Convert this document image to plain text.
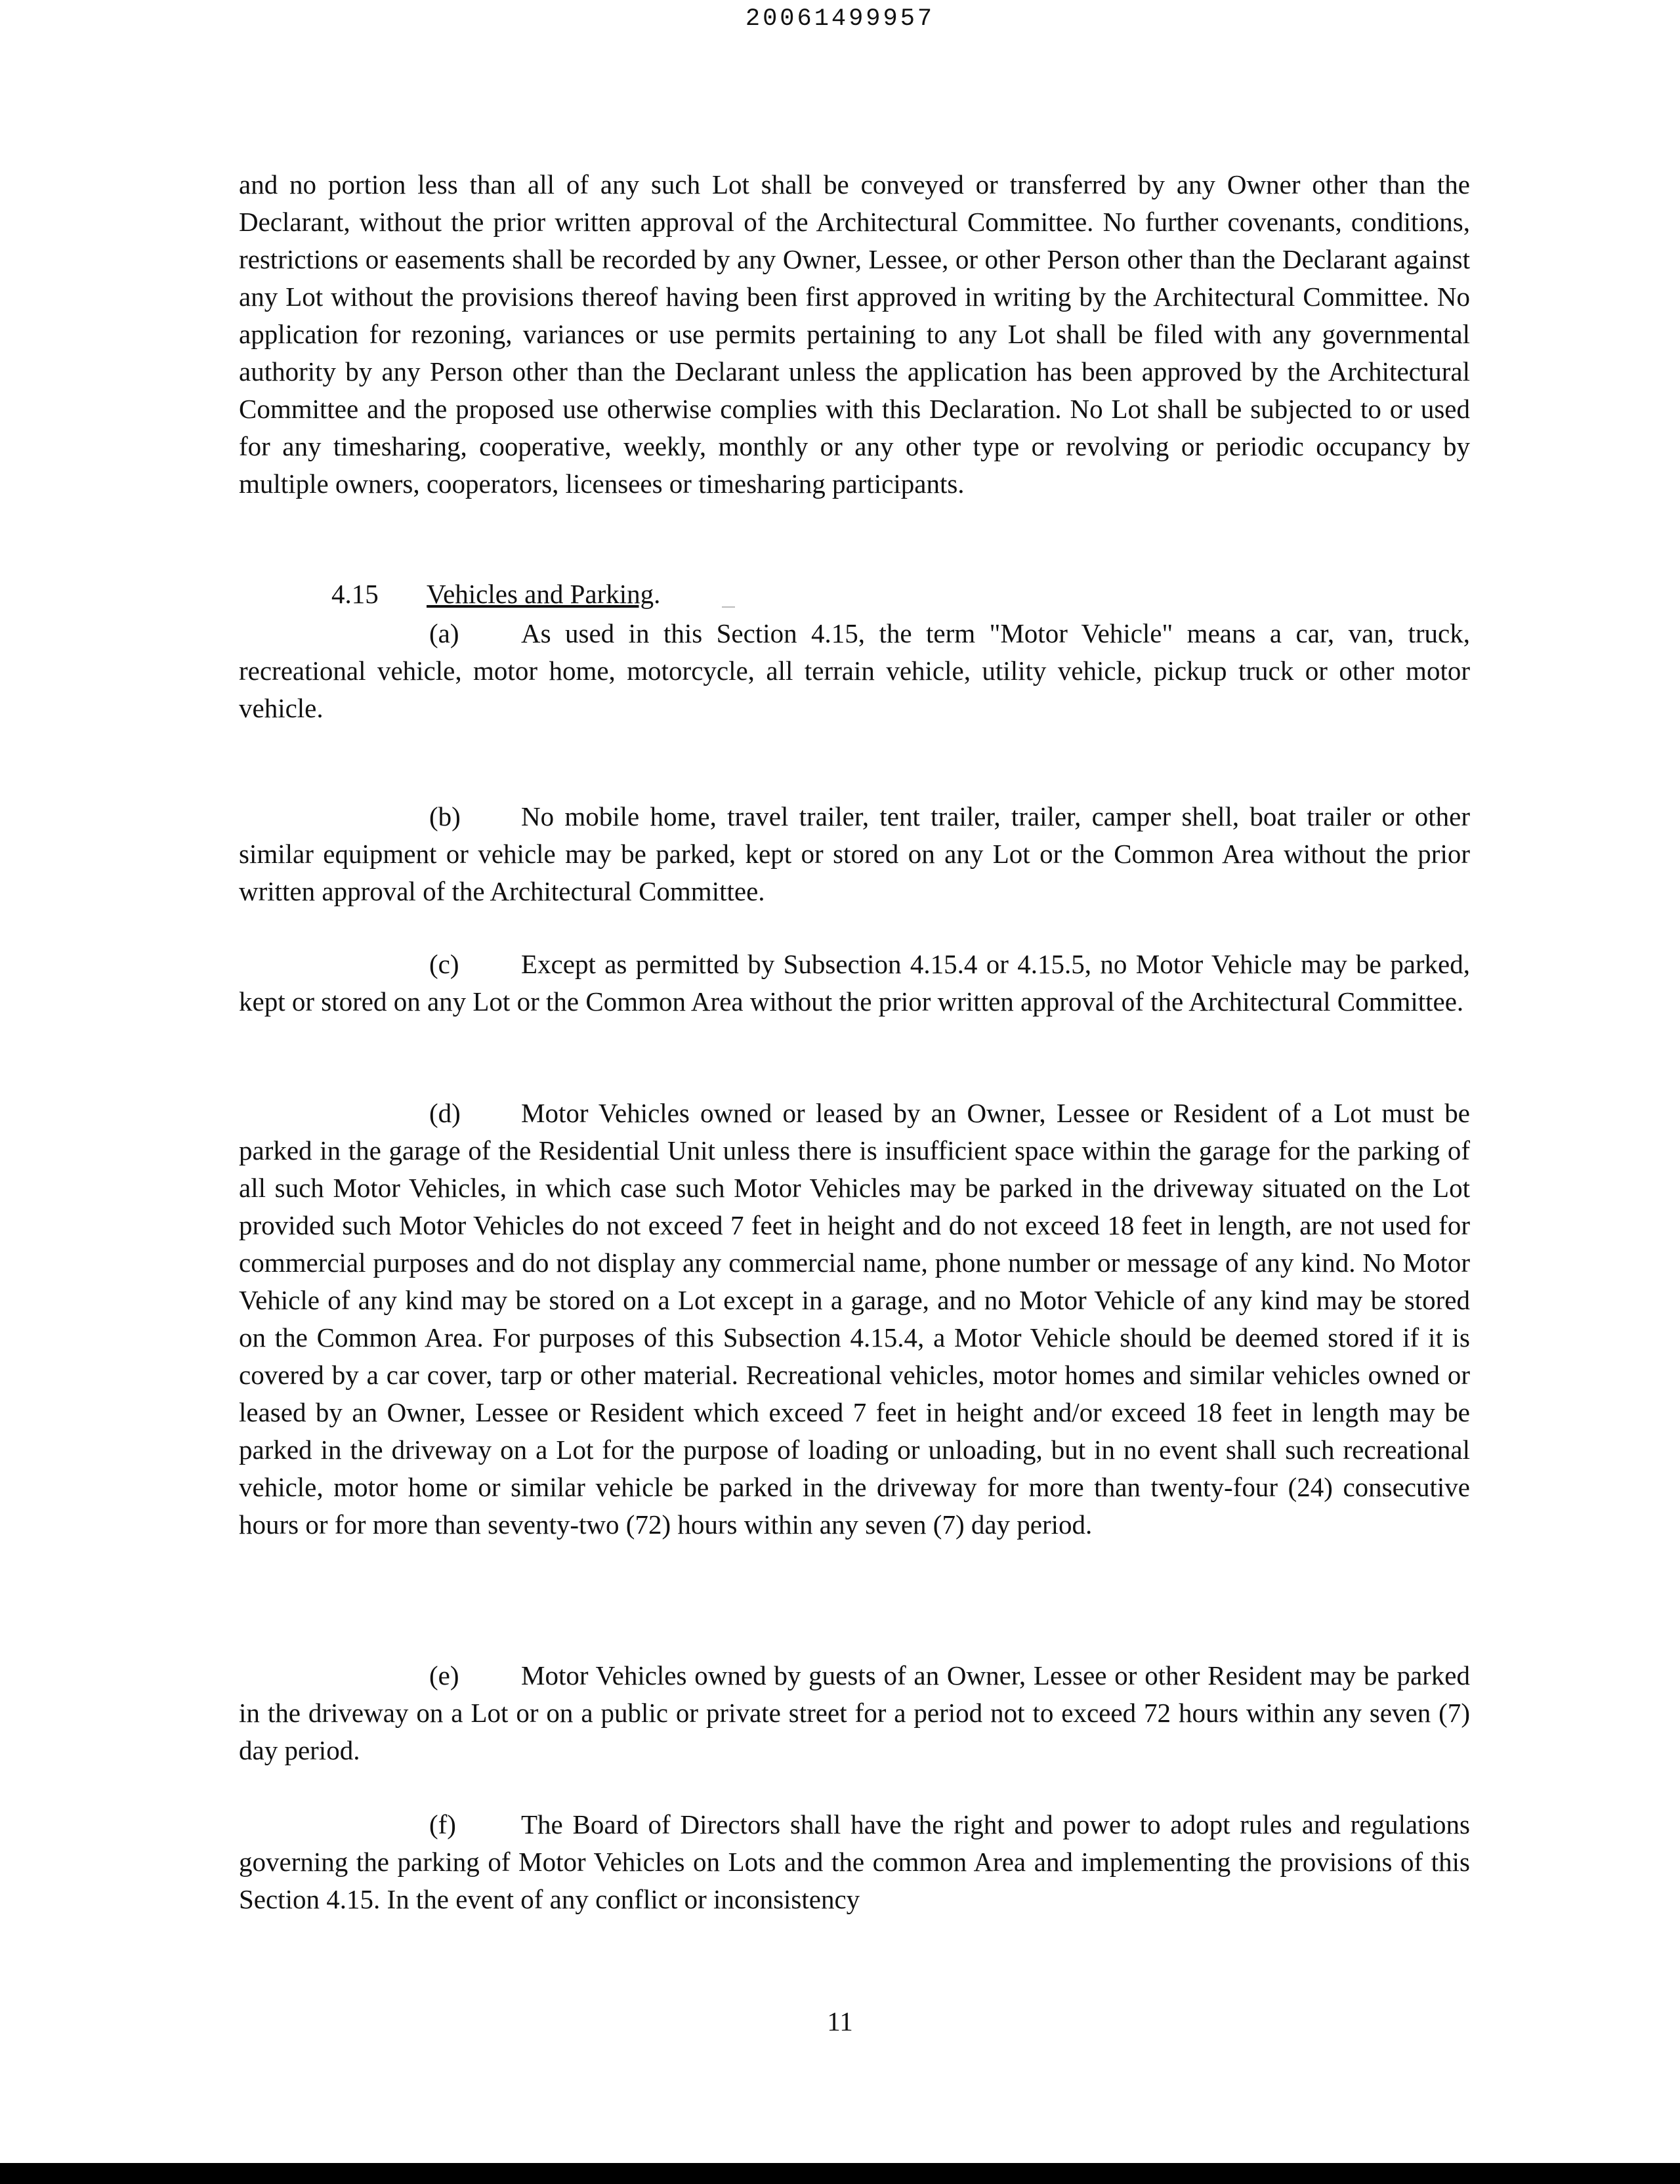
20061499957
and no portion less than all of any such Lot shall be conveyed or transferred by any Owner other than the Declarant, without the prior written approval of the Architectural Committee. No further covenants, conditions, restrictions or easements shall be recorded by any Owner, Lessee, or other Person other than the Declarant against any Lot without the provisions thereof having been first approved in writing by the Architectural Committee. No application for rezoning, variances or use permits pertaining to any Lot shall be filed with any governmental authority by any Person other than the Declarant unless the application has been approved by the Architectural Committee and the proposed use otherwise complies with this Declaration. No Lot shall be subjected to or used for any timesharing, cooperative, weekly, monthly or any other type or revolving or periodic occupancy by multiple owners, cooperators, licensees or timesharing participants.
4.15 Vehicles and Parking.
(a) As used in this Section 4.15, the term "Motor Vehicle" means a car, van, truck, recreational vehicle, motor home, motorcycle, all terrain vehicle, utility vehicle, pickup truck or other motor vehicle.
(b) No mobile home, travel trailer, tent trailer, trailer, camper shell, boat trailer or other similar equipment or vehicle may be parked, kept or stored on any Lot or the Common Area without the prior written approval of the Architectural Committee.
(c) Except as permitted by Subsection 4.15.4 or 4.15.5, no Motor Vehicle may be parked, kept or stored on any Lot or the Common Area without the prior written approval of the Architectural Committee.
(d) Motor Vehicles owned or leased by an Owner, Lessee or Resident of a Lot must be parked in the garage of the Residential Unit unless there is insufficient space within the garage for the parking of all such Motor Vehicles, in which case such Motor Vehicles may be parked in the driveway situated on the Lot provided such Motor Vehicles do not exceed 7 feet in height and do not exceed 18 feet in length, are not used for commercial purposes and do not display any commercial name, phone number or message of any kind. No Motor Vehicle of any kind may be stored on a Lot except in a garage, and no Motor Vehicle of any kind may be stored on the Common Area. For purposes of this Subsection 4.15.4, a Motor Vehicle should be deemed stored if it is covered by a car cover, tarp or other material. Recreational vehicles, motor homes and similar vehicles owned or leased by an Owner, Lessee or Resident which exceed 7 feet in height and/or exceed 18 feet in length may be parked in the driveway on a Lot for the purpose of loading or unloading, but in no event shall such recreational vehicle, motor home or similar vehicle be parked in the driveway for more than twenty-four (24) consecutive hours or for more than seventy-two (72) hours within any seven (7) day period.
(e) Motor Vehicles owned by guests of an Owner, Lessee or other Resident may be parked in the driveway on a Lot or on a public or private street for a period not to exceed 72 hours within any seven (7) day period.
(f) The Board of Directors shall have the right and power to adopt rules and regulations governing the parking of Motor Vehicles on Lots and the common Area and implementing the provisions of this Section 4.15. In the event of any conflict or inconsistency
11
